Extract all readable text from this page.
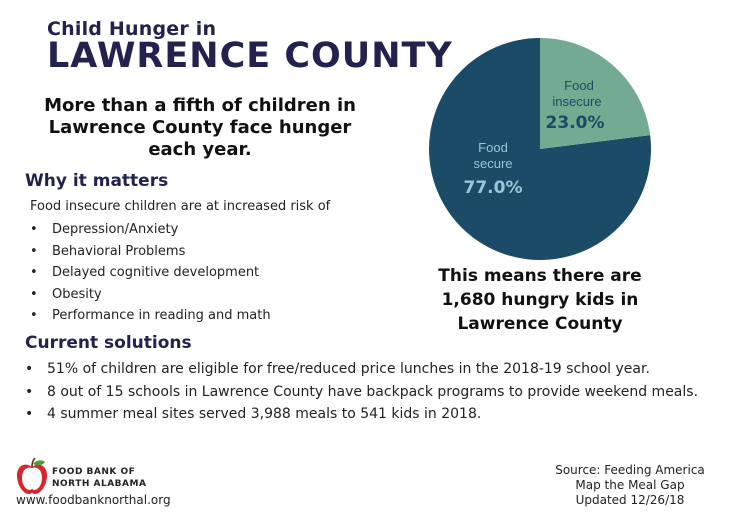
Child Hunger in
LAWRENCE COUNTY
More than a fifth of children in Lawrence County face hunger each year.
Why it matters
Food insecure children are at increased risk of
• Depression/Anxiety
• Behavioral Problems
• Delayed cognitive development
• Obesity
• Performance in reading and math
Current solutions
• 51% of children are eligible for free/reduced price lunches in the 2018-19 school year.
• 8 out of 15 schools in Lawrence County have backpack programs to provide weekend meals.
• 4 summer meal sites served 3,988 meals to 541 kids in 2018.
Food
insecure
23.0%
Food
secure
77.0%
This means there are 1,680 hungry kids in Lawrence County
FOOD BANK OF
NORTH ALABAMA
www.foodbanknorthal.org
Source: Feeding America
Map the Meal Gap
Updated 12/26/18
